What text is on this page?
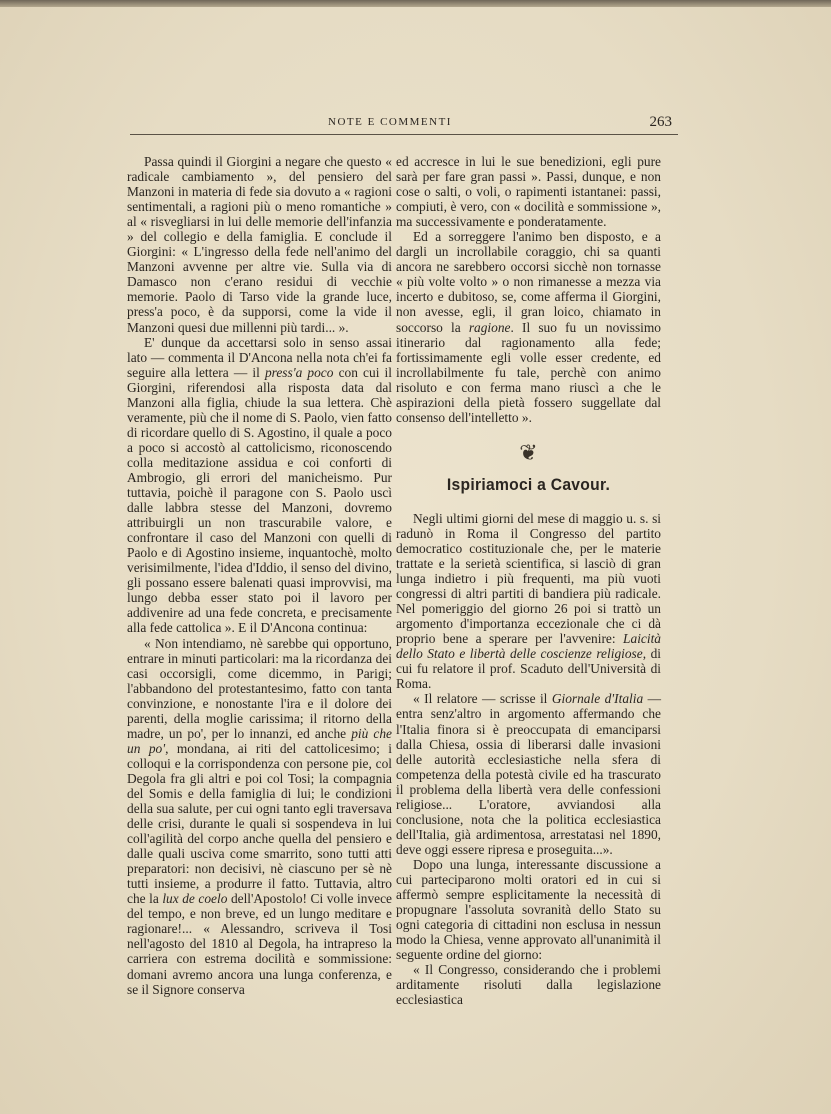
NOTE E COMMENTI	263

Passa quindi il Giorgini a negare che questo « radicale cambiamento », del pensiero del Manzoni in materia di fede sia dovuto a « ragioni sentimentali, a ragioni più o meno romantiche » al « risvegliarsi in lui delle memorie dell'infanzia » del collegio e della famiglia. E conclude il Giorgini: « L'ingresso della fede nell'animo del Manzoni avvenne per altre vie. Sulla via di Damasco non c'erano residui di vecchie memorie. Paolo di Tarso vide la grande luce, press'a poco, è da supporsi, come la vide il Manzoni quesi due millenni più tardi... ».

E' dunque da accettarsi solo in senso assai lato — commenta il D'Ancona nella nota ch'ei fa seguire alla lettera — il press'a poco con cui il Giorgini, riferendosi alla risposta data dal Manzoni alla figlia, chiude la sua lettera. Chè veramente, più che il nome di S. Paolo, vien fatto di ricordare quello di S. Agostino, il quale a poco a poco si accostò al cattolicismo, riconoscendo colla meditazione assidua e coi conforti di Ambrogio, gli errori del manicheismo. Pur tuttavia, poichè il paragone con S. Paolo uscì dalle labbra stesse del Manzoni, dovremo attribuirgli un non trascurabile valore, e confrontare il caso del Manzoni con quelli di Paolo e di Agostino insieme, inquantochè, molto verisimilmente, l'idea d'Iddio, il senso del divino, gli possano essere balenati quasi improvvisi, ma lungo debba esser stato poi il lavoro per addivenire ad una fede concreta, e precisamente alla fede cattolica ». E il D'Ancona continua:

« Non intendiamo, nè sarebbe qui opportuno, entrare in minuti particolari: ma la ricordanza dei casi occorsigli, come dicemmo, in Parigi; l'abbandono del protestantesimo, fatto con tanta convinzione, e nonostante l'ira e il dolore dei parenti, della moglie carissima; il ritorno della madre, un po', per lo innanzi, ed anche più che un po', mondana, ai riti del cattolicesimo; i colloqui e la corrispondenza con persone pie, col Degola fra gli altri e poi col Tosi; la compagnia del Somis e della famiglia di lui; le condizioni della sua salute, per cui ogni tanto egli traversava delle crisi, durante le quali si sospendeva in lui coll'agilità del corpo anche quella del pensiero e dalle quali usciva come smarrito, sono tutti atti preparatori: non decisivi, nè ciascuno per sè nè tutti insieme, a produrre il fatto. Tuttavia, altro che la lux de coelo dell'Apostolo! Ci volle invece del tempo, e non breve, ed un lungo meditare e ragionare!... « Alessandro, scriveva il Tosi nell'agosto del 1810 al Degola, ha intrapreso la carriera con estrema docilità e sommissione: domani avremo ancora una lunga conferenza, e se il Signore conserva

ed accresce in lui le sue benedizioni, egli pure sarà per fare gran passi ». Passi, dunque, e non cose o salti, o voli, o rapimenti istantanei: passi, compiuti, è vero, con « docilità e sommissione », ma successivamente e ponderatamente.

Ed a sorreggere l'animo ben disposto, e a dargli un incrollabile coraggio, chi sa quanti ancora ne sarebbero occorsi sicchè non tornasse « più volte volto » o non rimanesse a mezza via incerto e dubitoso, se, come afferma il Giorgini, non avesse, egli, il gran loico, chiamato in soccorso la ragione. Il suo fu un novissimo itinerario dal ragionamento alla fede; fortissimamente egli volle esser credente, ed incrollabilmente fu tale, perchè con animo risoluto e con ferma mano riuscì a che le aspirazioni della pietà fossero suggellate dal consenso dell'intelletto ».

❦
Ispiriamoci a Cavour.

Negli ultimi giorni del mese di maggio u. s. si radunò in Roma il Congresso del partito democratico costituzionale che, per le materie trattate e la serietà scientifica, si lasciò di gran lunga indietro i più frequenti, ma più vuoti congressi di altri partiti di bandiera più radicale. Nel pomeriggio del giorno 26 poi si trattò un argomento d'importanza eccezionale che ci dà proprio bene a sperare per l'avvenire: Laicità dello Stato e libertà delle coscienze religiose, di cui fu relatore il prof. Scaduto dell'Università di Roma.

« Il relatore — scrisse il Giornale d'Italia — entra senz'altro in argomento affermando che l'Italia finora si è preoccupata di emanciparsi dalla Chiesa, ossia di liberarsi dalle invasioni delle autorità ecclesiastiche nella sfera di competenza della potestà civile ed ha trascurato il problema della libertà vera delle confessioni religiose... L'oratore, avviandosi alla conclusione, nota che la politica ecclesiastica dell'Italia, già ardimentosa, arrestatasi nel 1890, deve oggi essere ripresa e proseguita...».

Dopo una lunga, interessante discussione a cui parteciparono molti oratori ed in cui si affermò sempre esplicitamente la necessità di propugnare l'assoluta sovranità dello Stato su ogni categoria di cittadini non esclusa in nessun modo la Chiesa, venne approvato all'unanimità il seguente ordine del giorno:

« Il Congresso, considerando che i problemi arditamente risoluti dalla legislazione ecclesiastica
